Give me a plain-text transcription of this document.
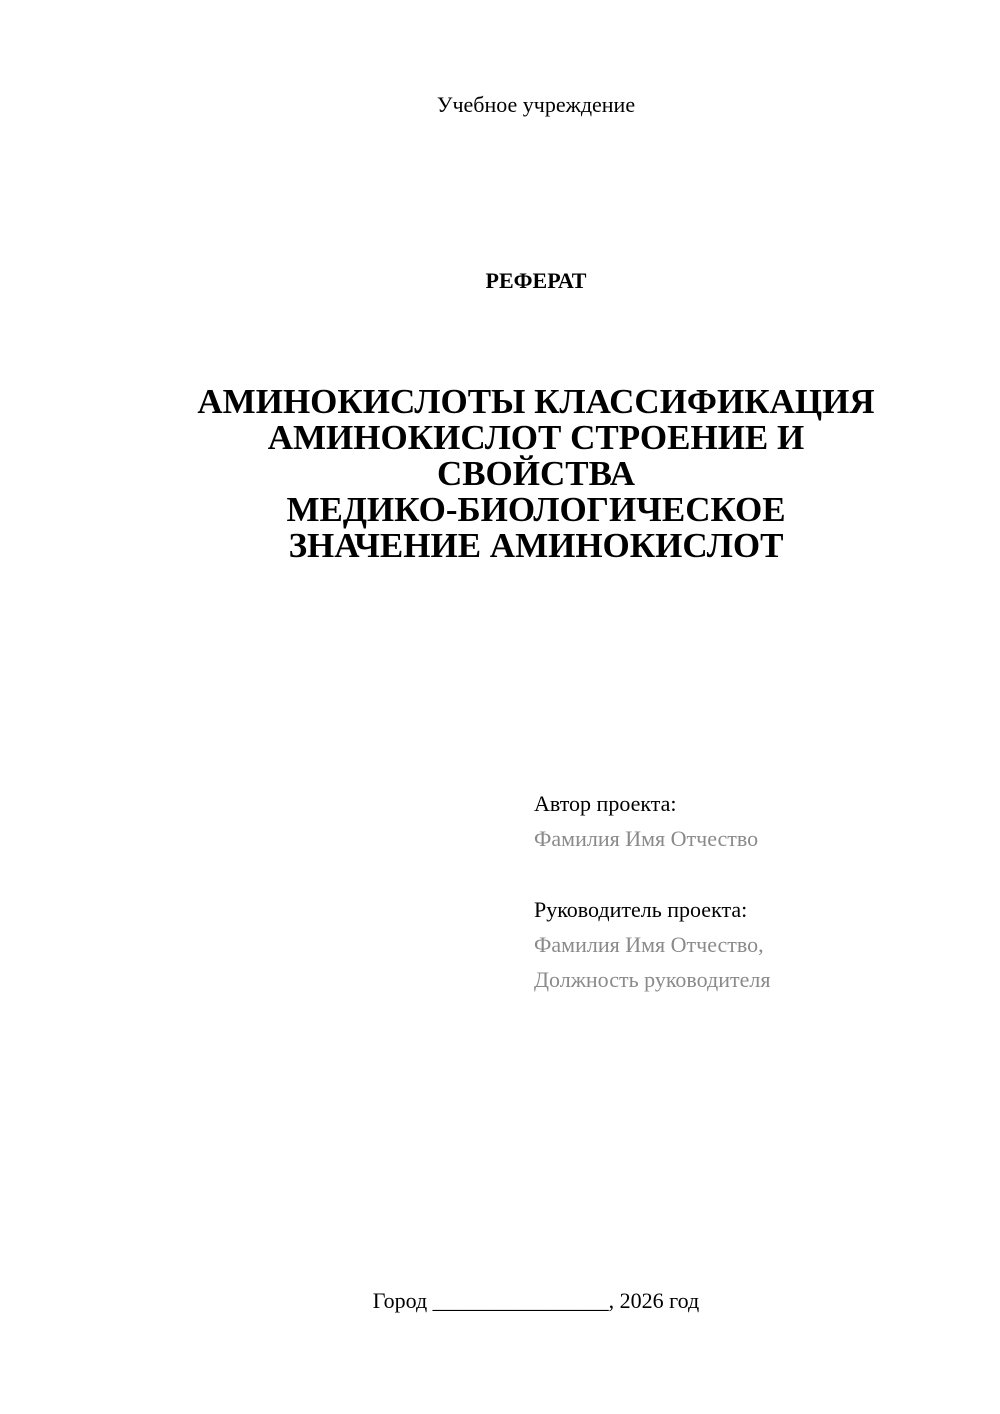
Учебное учреждение
РЕФЕРАТ
АМИНОКИСЛОТЫ КЛАССИФИКАЦИЯ
АМИНОКИСЛОТ СТРОЕНИЕ И
СВОЙСТВА
МЕДИКО-БИОЛОГИЧЕСКОЕ
ЗНАЧЕНИЕ АМИНОКИСЛОТ
Автор проекта:
Фамилия Имя Отчество
Руководитель проекта:
Фамилия Имя Отчество,
Должность руководителя
Город ________________, 2026 год
